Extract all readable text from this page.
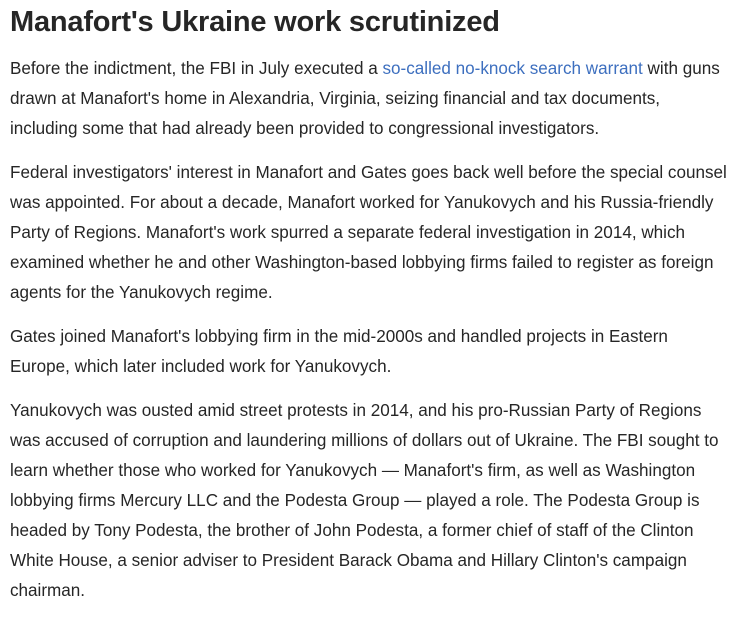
Manafort's Ukraine work scrutinized

Before the indictment, the FBI in July executed a so-called no-knock search warrant with guns drawn at Manafort's home in Alexandria, Virginia, seizing financial and tax documents, including some that had already been provided to congressional investigators.

Federal investigators' interest in Manafort and Gates goes back well before the special counsel was appointed. For about a decade, Manafort worked for Yanukovych and his Russia-friendly Party of Regions. Manafort's work spurred a separate federal investigation in 2014, which examined whether he and other Washington-based lobbying firms failed to register as foreign agents for the Yanukovych regime.

Gates joined Manafort's lobbying firm in the mid-2000s and handled projects in Eastern Europe, which later included work for Yanukovych.

Yanukovych was ousted amid street protests in 2014, and his pro-Russian Party of Regions was accused of corruption and laundering millions of dollars out of Ukraine. The FBI sought to learn whether those who worked for Yanukovych — Manafort's firm, as well as Washington lobbying firms Mercury LLC and the Podesta Group — played a role. The Podesta Group is headed by Tony Podesta, the brother of John Podesta, a former chief of staff of the Clinton White House, a senior adviser to President Barack Obama and Hillary Clinton's campaign chairman.
